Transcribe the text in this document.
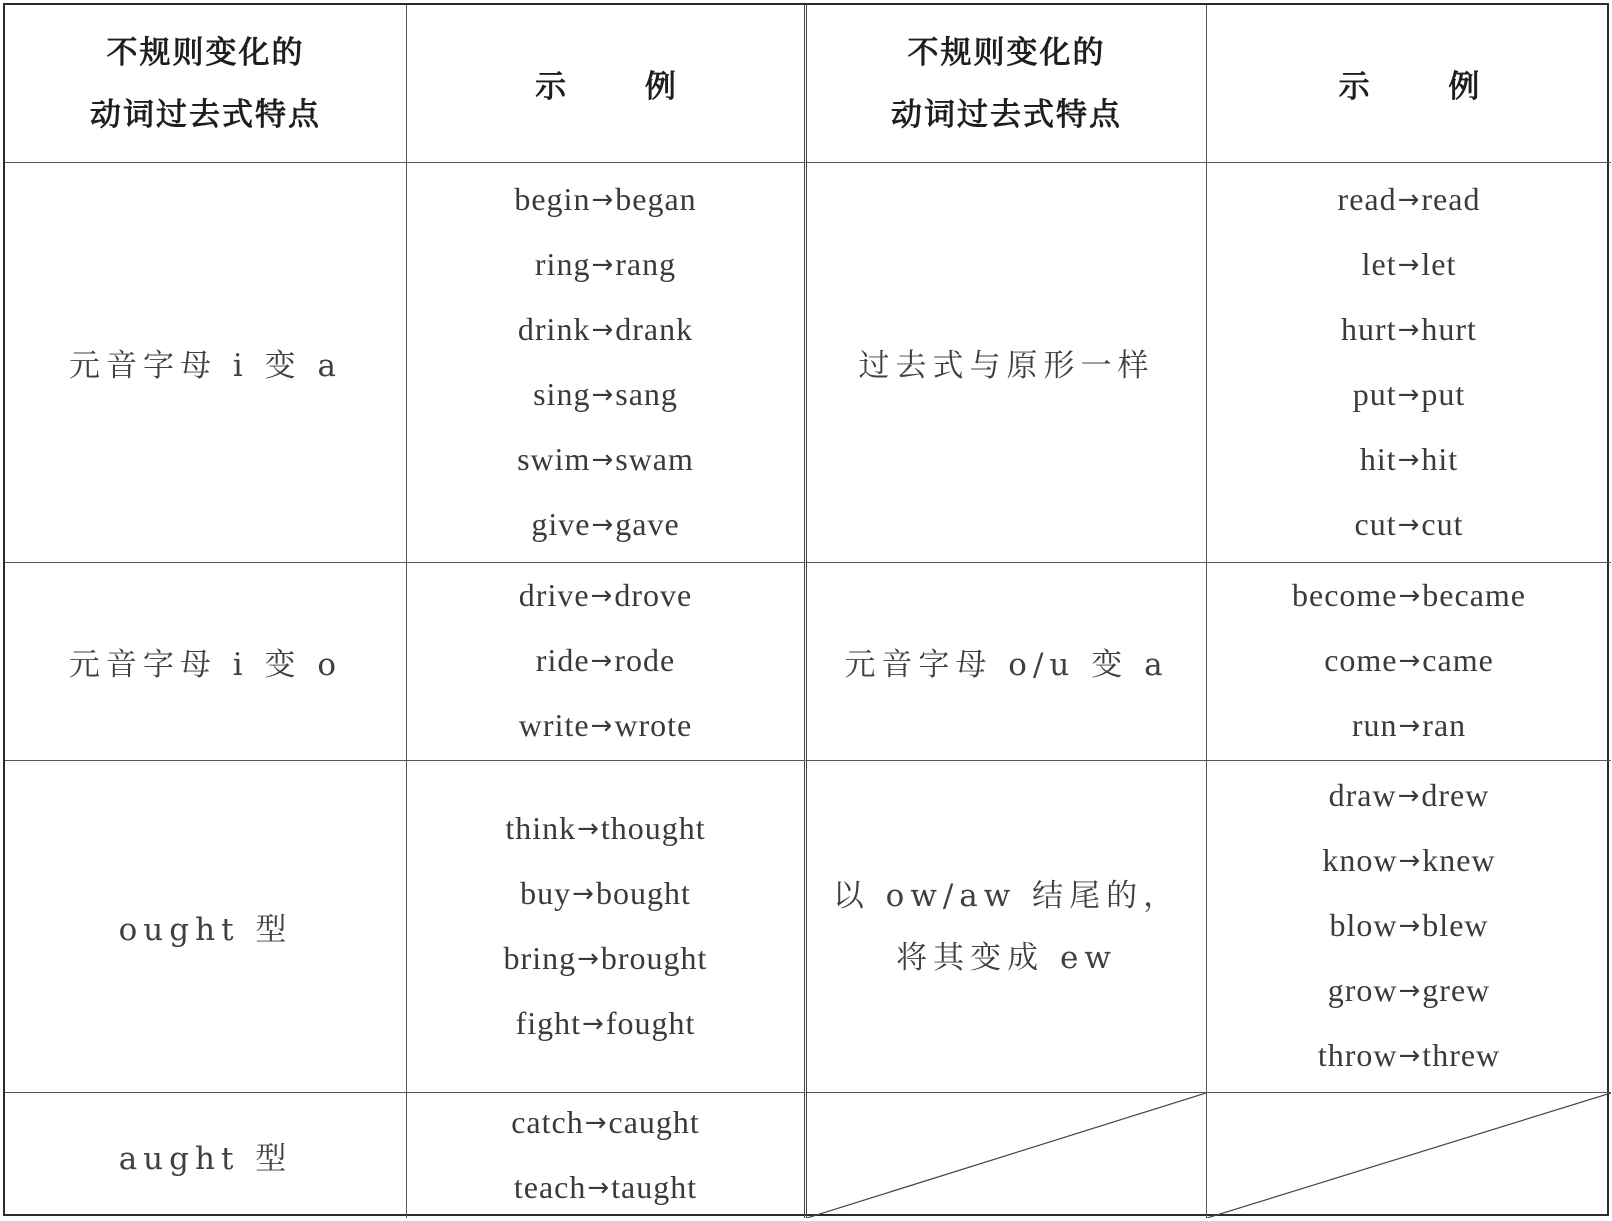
不规则变化的
动词过去式特点
示 例
不规则变化的
动词过去式特点
示 例
元音字母 i 变 a
begin→began
ring→rang
drink→drank
sing→sang
swim→swam
give→gave
过去式与原形一样
read→read
let→let
hurt→hurt
put→put
hit→hit
cut→cut
元音字母 i 变 o
drive→drove
ride→rode
write→wrote
元音字母 o/u 变 a
become→became
come→came
run→ran
ought 型
think→thought
buy→bought
bring→brought
fight→fought
以 ow/aw 结尾的，
将其变成 ew
draw→drew
know→knew
blow→blew
grow→grew
throw→threw
aught 型
catch→caught
teach→taught
